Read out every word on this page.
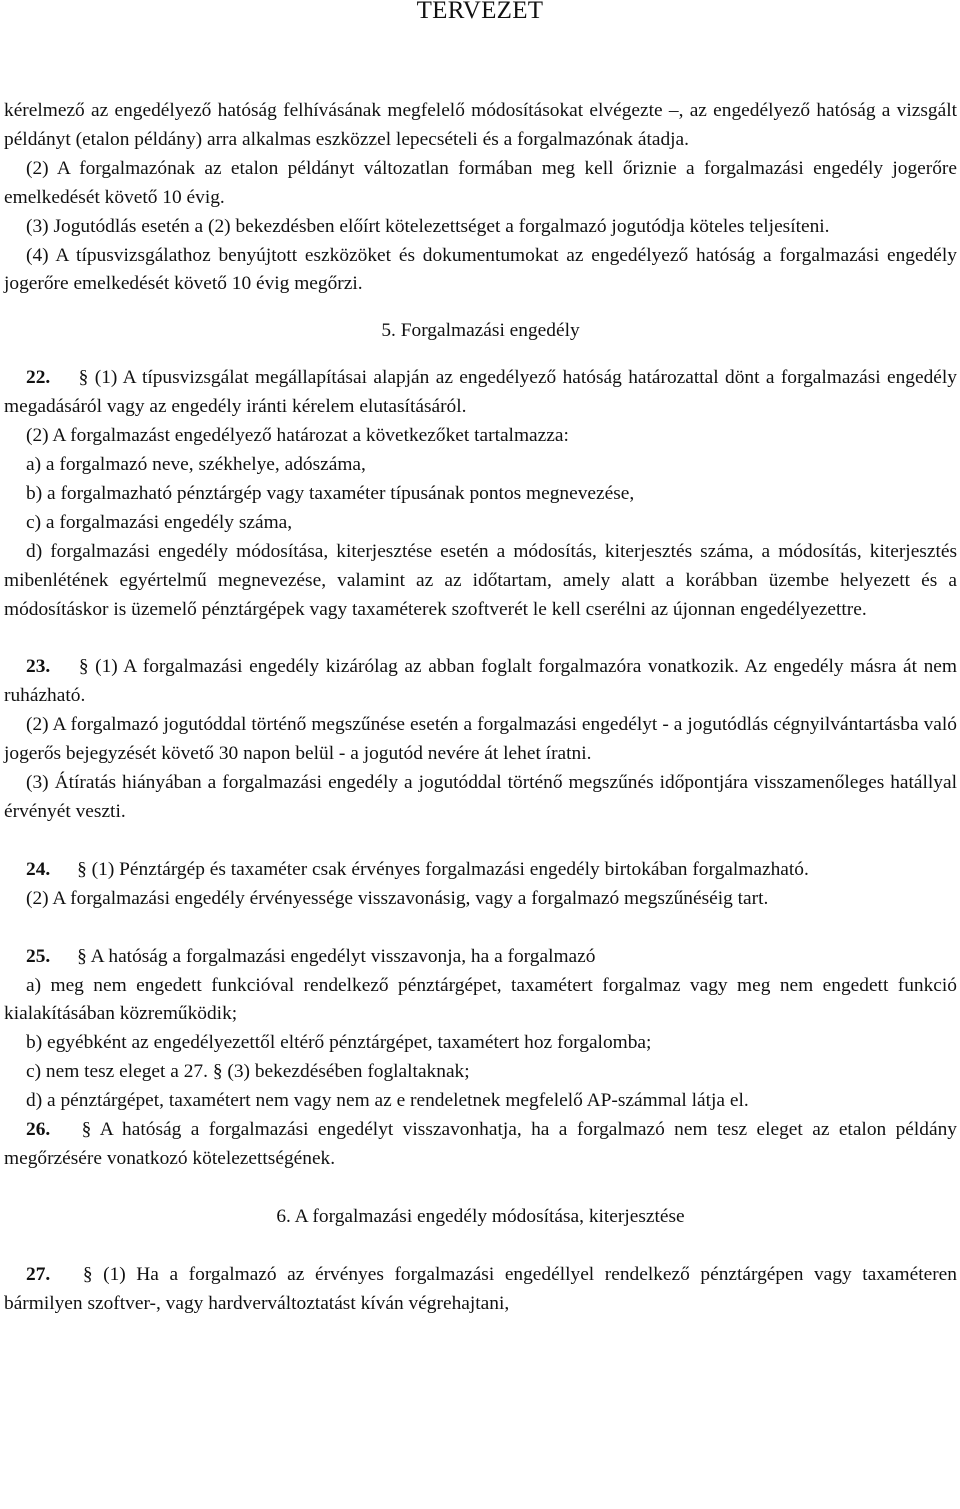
TERVEZET

kérelmező az engedélyező hatóság felhívásának megfelelő módosításokat elvégezte –, az engedélyező hatóság a vizsgált példányt (etalon példány) arra alkalmas eszközzel lepecsételi és a forgalmazónak átadja.

(2) A forgalmazónak az etalon példányt változatlan formában meg kell őriznie a forgalmazási engedély jogerőre emelkedését követő 10 évig.

(3) Jogutódlás esetén a (2) bekezdésben előírt kötelezettséget a forgalmazó jogutódja köteles teljesíteni.

(4) A típusvizsgálathoz benyújtott eszközöket és dokumentumokat az engedélyező hatóság a forgalmazási engedély jogerőre emelkedését követő 10 évig megőrzi.

5. Forgalmazási engedély

22. § (1) A típusvizsgálat megállapításai alapján az engedélyező hatóság határozattal dönt a forgalmazási engedély megadásáról vagy az engedély iránti kérelem elutasításáról.

(2) A forgalmazást engedélyező határozat a következőket tartalmazza:

a) a forgalmazó neve, székhelye, adószáma,

b) a forgalmazható pénztárgép vagy taxaméter típusának pontos megnevezése,

c) a forgalmazási engedély száma,

d) forgalmazási engedély módosítása, kiterjesztése esetén a módosítás, kiterjesztés száma, a módosítás, kiterjesztés mibenlétének egyértelmű megnevezése, valamint az az időtartam, amely alatt a korábban üzembe helyezett és a módosításkor is üzemelő pénztárgépek vagy taxaméterek szoftverét le kell cserélni az újonnan engedélyezettre.

23. § (1) A forgalmazási engedély kizárólag az abban foglalt forgalmazóra vonatkozik. Az engedély másra át nem ruházható.

(2) A forgalmazó jogutóddal történő megszűnése esetén a forgalmazási engedélyt - a jogutódlás cégnyilvántartásba való jogerős bejegyzését követő 30 napon belül - a jogutód nevére át lehet íratni.

(3) Átíratás hiányában a forgalmazási engedély a jogutóddal történő megszűnés időpontjára visszamenőleges hatállyal érvényét veszti.

24. § (1) Pénztárgép és taxaméter csak érvényes forgalmazási engedély birtokában forgalmazható.

(2) A forgalmazási engedély érvényessége visszavonásig, vagy a forgalmazó megszűnéséig tart.

25. § A hatóság a forgalmazási engedélyt visszavonja, ha a forgalmazó

a) meg nem engedett funkcióval rendelkező pénztárgépet, taxamétert forgalmaz vagy meg nem engedett funkció kialakításában közreműködik;

b) egyébként az engedélyezettől eltérő pénztárgépet, taxamétert hoz forgalomba;

c) nem tesz eleget a 27. § (3) bekezdésében foglaltaknak;

d) a pénztárgépet, taxamétert nem vagy nem az e rendeletnek megfelelő AP-számmal látja el.

26. § A hatóság a forgalmazási engedélyt visszavonhatja, ha a forgalmazó nem tesz eleget az etalon példány megőrzésére vonatkozó kötelezettségének.

6. A forgalmazási engedély módosítása, kiterjesztése

27. § (1) Ha a forgalmazó az érvényes forgalmazási engedéllyel rendelkező pénztárgépen vagy taxaméteren bármilyen szoftver-, vagy hardverváltoztatást kíván végrehajtani,
